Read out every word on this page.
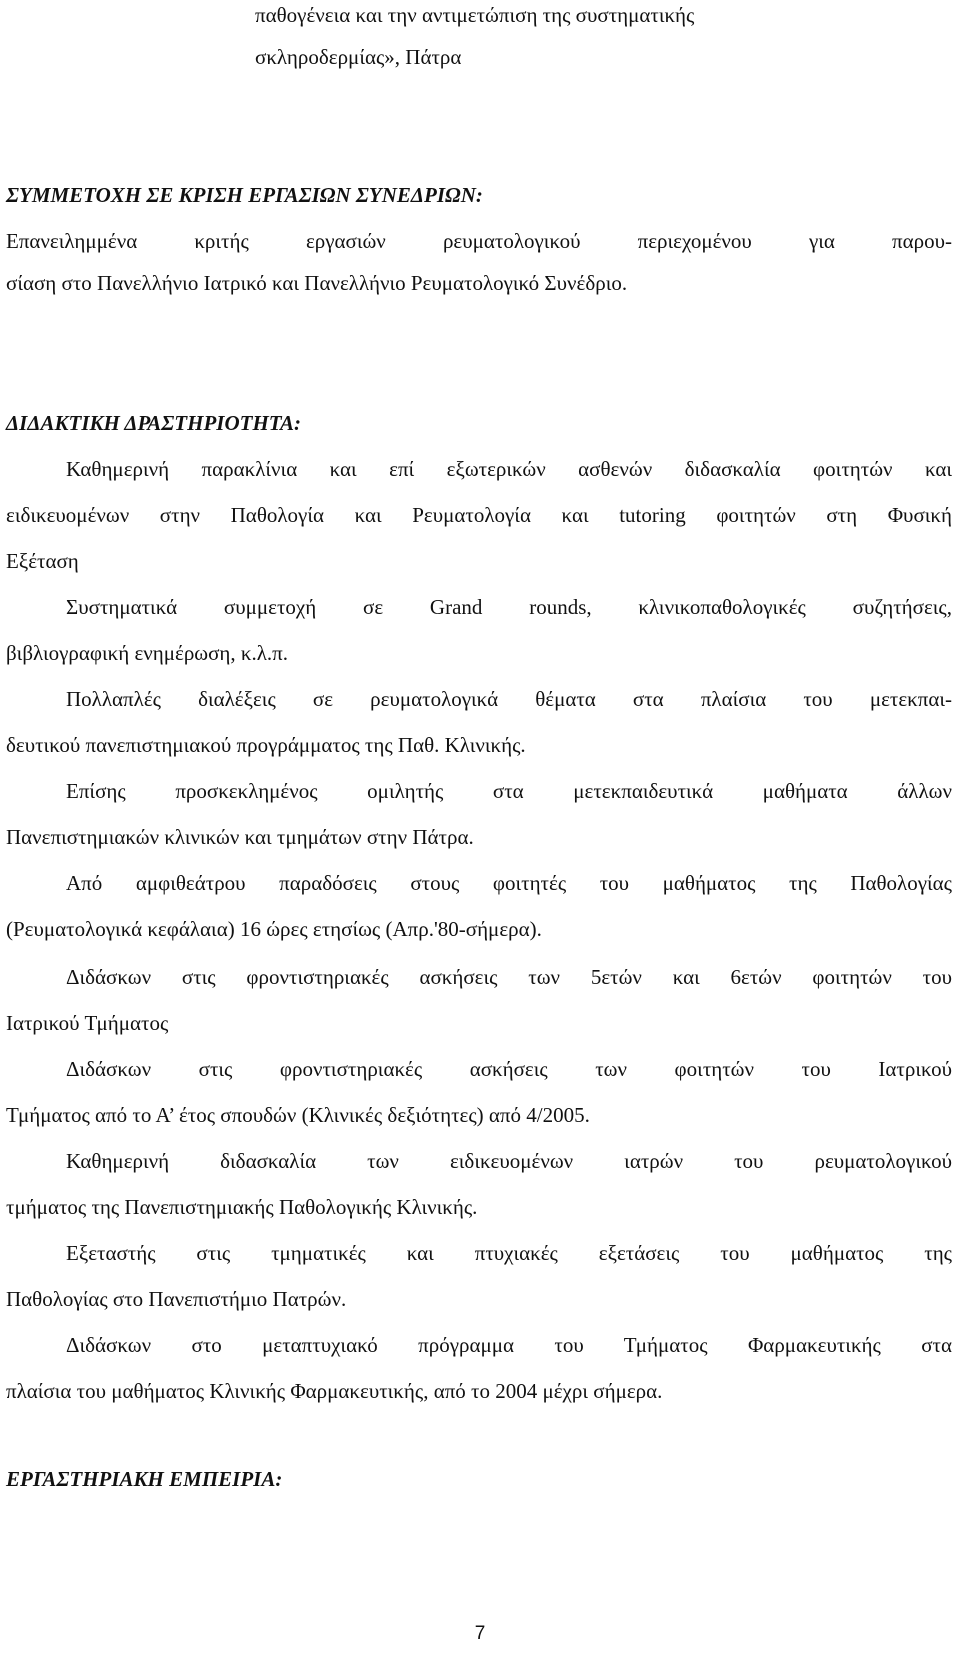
παθογένεια και την αντιμετώπιση της συστηματικής
σκληροδερμίας», Πάτρα
ΣΥΜΜΕΤΟΧΗ ΣΕ ΚΡΙΣΗ ΕΡΓΑΣΙΩΝ ΣΥΝΕΔΡΙΩΝ:
Επανειλημμένα κριτής εργασιών ρευματολογικού περιεχομένου για παρου-
σίαση στο Πανελλήνιο Ιατρικό και Πανελλήνιο Ρευματολογικό Συνέδριο.
ΔΙΔΑΚΤΙΚΗ ΔΡΑΣΤΗΡΙΟΤΗΤΑ:
Καθημερινή παρακλίνια και επί εξωτερικών ασθενών διδασκαλία φοιτητών και
ειδικευομένων στην Παθολογία και Ρευματολογία και tutoring φοιτητών στη Φυσική
Εξέταση
Συστηματικά συμμετοχή σε Grand rounds, κλινικοπαθολογικές συζητήσεις,
βιβλιογραφική ενημέρωση, κ.λ.π.
Πολλαπλές διαλέξεις σε ρευματολογικά θέματα στα πλαίσια του μετεκπαι-
δευτικού πανεπιστημιακού προγράμματος της Παθ. Κλινικής.
Επίσης προσκεκλημένος ομιλητής στα μετεκπαιδευτικά μαθήματα άλλων
Πανεπιστημιακών κλινικών και τμημάτων στην Πάτρα.
Από αμφιθεάτρου παραδόσεις στους φοιτητές του μαθήματος της Παθολογίας
(Ρευματολογικά κεφάλαια) 16 ώρες ετησίως (Απρ.'80-σήμερα).
Διδάσκων στις φροντιστηριακές ασκήσεις των 5ετών και 6ετών φοιτητών του
Ιατρικού Τμήματος
Διδάσκων στις φροντιστηριακές ασκήσεις των φοιτητών του Ιατρικού
Τμήματος από το Α’ έτος σπουδών (Κλινικές δεξιότητες) από 4/2005.
Καθημερινή διδασκαλία των ειδικευομένων ιατρών του ρευματολογικού
τμήματος της Πανεπιστημιακής Παθολογικής Κλινικής.
Εξεταστής στις τμηματικές και πτυχιακές εξετάσεις του μαθήματος της
Παθολογίας στο Πανεπιστήμιο Πατρών.
Διδάσκων στο μεταπτυχιακό πρόγραμμα του Τμήματος Φαρμακευτικής στα
πλαίσια του μαθήματος Κλινικής Φαρμακευτικής, από το 2004 μέχρι σήμερα.
ΕΡΓΑΣΤΗΡΙΑΚΗ ΕΜΠΕΙΡΙΑ:
7
